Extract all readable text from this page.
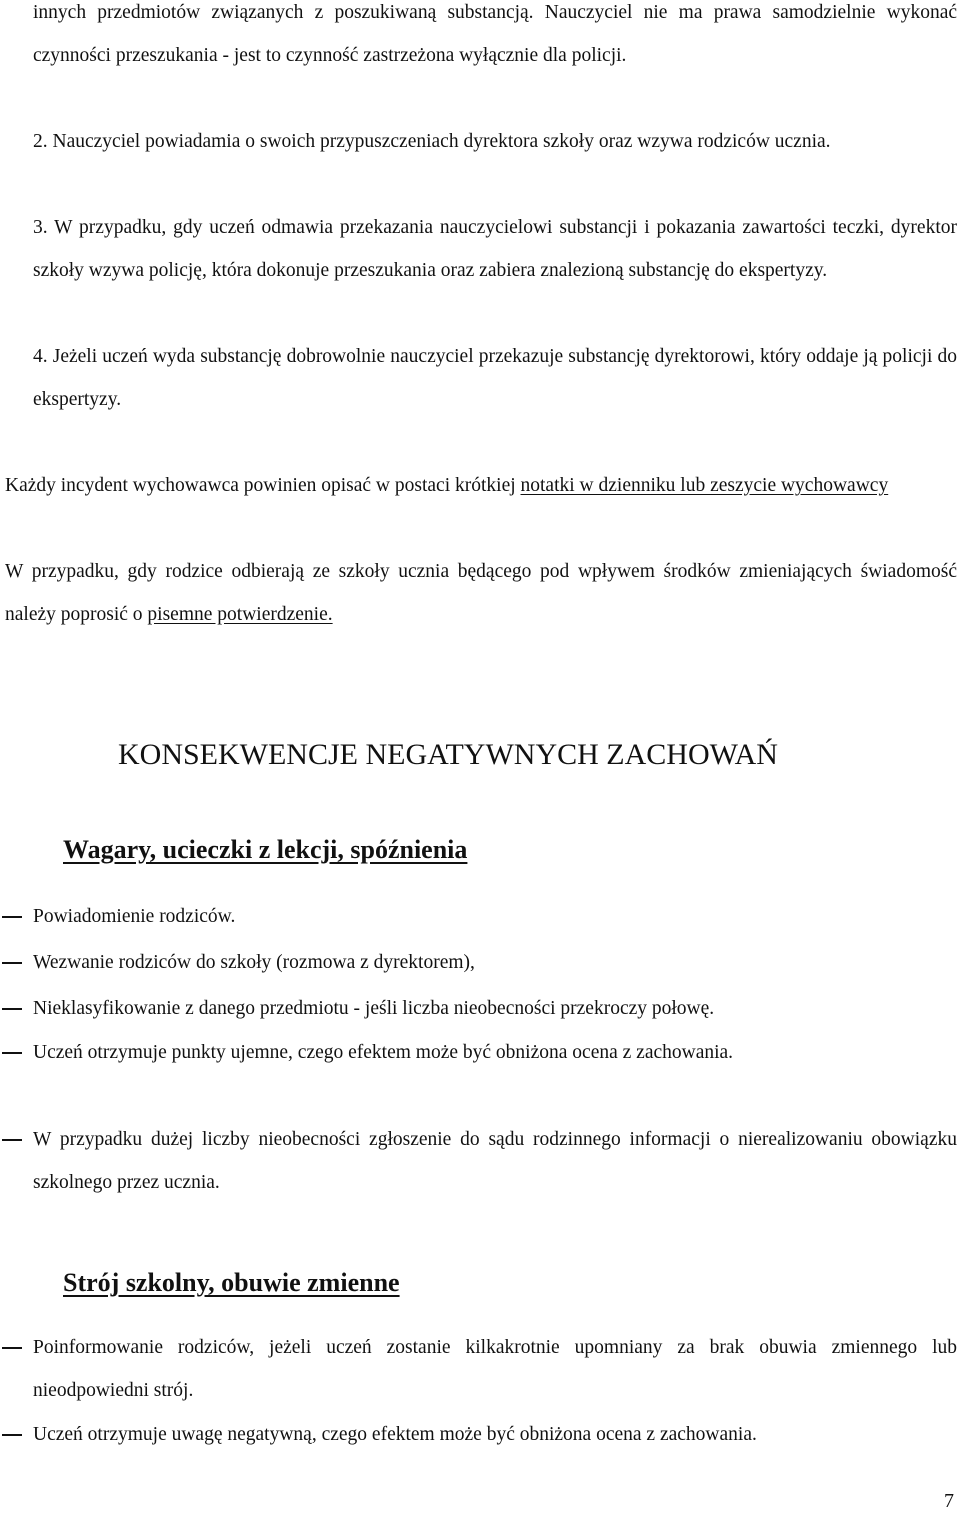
innych przedmiotów związanych z poszukiwaną substancją. Nauczyciel nie ma prawa samodzielnie wykonać czynności przeszukania - jest to czynność zastrzeżona wyłącznie dla policji.
2. Nauczyciel powiadamia o swoich przypuszczeniach dyrektora szkoły oraz wzywa rodziców ucznia.
3. W przypadku, gdy uczeń odmawia przekazania nauczycielowi substancji i pokazania zawartości teczki, dyrektor szkoły wzywa policję, która dokonuje przeszukania oraz zabiera znalezioną substancję do ekspertyzy.
4. Jeżeli uczeń wyda substancję dobrowolnie nauczyciel przekazuje substancję dyrektorowi, który oddaje ją policji do ekspertyzy.
Każdy incydent wychowawca powinien opisać w postaci krótkiej notatki w dzienniku lub zeszycie wychowawcy
W przypadku, gdy rodzice odbierają ze szkoły ucznia będącego pod wpływem środków zmieniających świadomość należy poprosić o pisemne potwierdzenie.
KONSEKWENCJE NEGATYWNYCH ZACHOWAŃ
Wagary, ucieczki z lekcji, spóźnienia
Powiadomienie rodziców.
Wezwanie rodziców do szkoły (rozmowa z dyrektorem),
Nieklasyfikowanie z danego przedmiotu - jeśli liczba nieobecności przekroczy połowę.
Uczeń otrzymuje punkty ujemne, czego efektem może być obniżona ocena z zachowania.
W przypadku dużej liczby nieobecności zgłoszenie do sądu rodzinnego informacji o nierealizowaniu obowiązku szkolnego przez ucznia.
Strój szkolny, obuwie zmienne
Poinformowanie rodziców, jeżeli uczeń zostanie kilkakrotnie upomniany za brak obuwia zmiennego lub nieodpowiedni strój.
Uczeń otrzymuje uwagę negatywną, czego efektem może być obniżona ocena z zachowania.
7
